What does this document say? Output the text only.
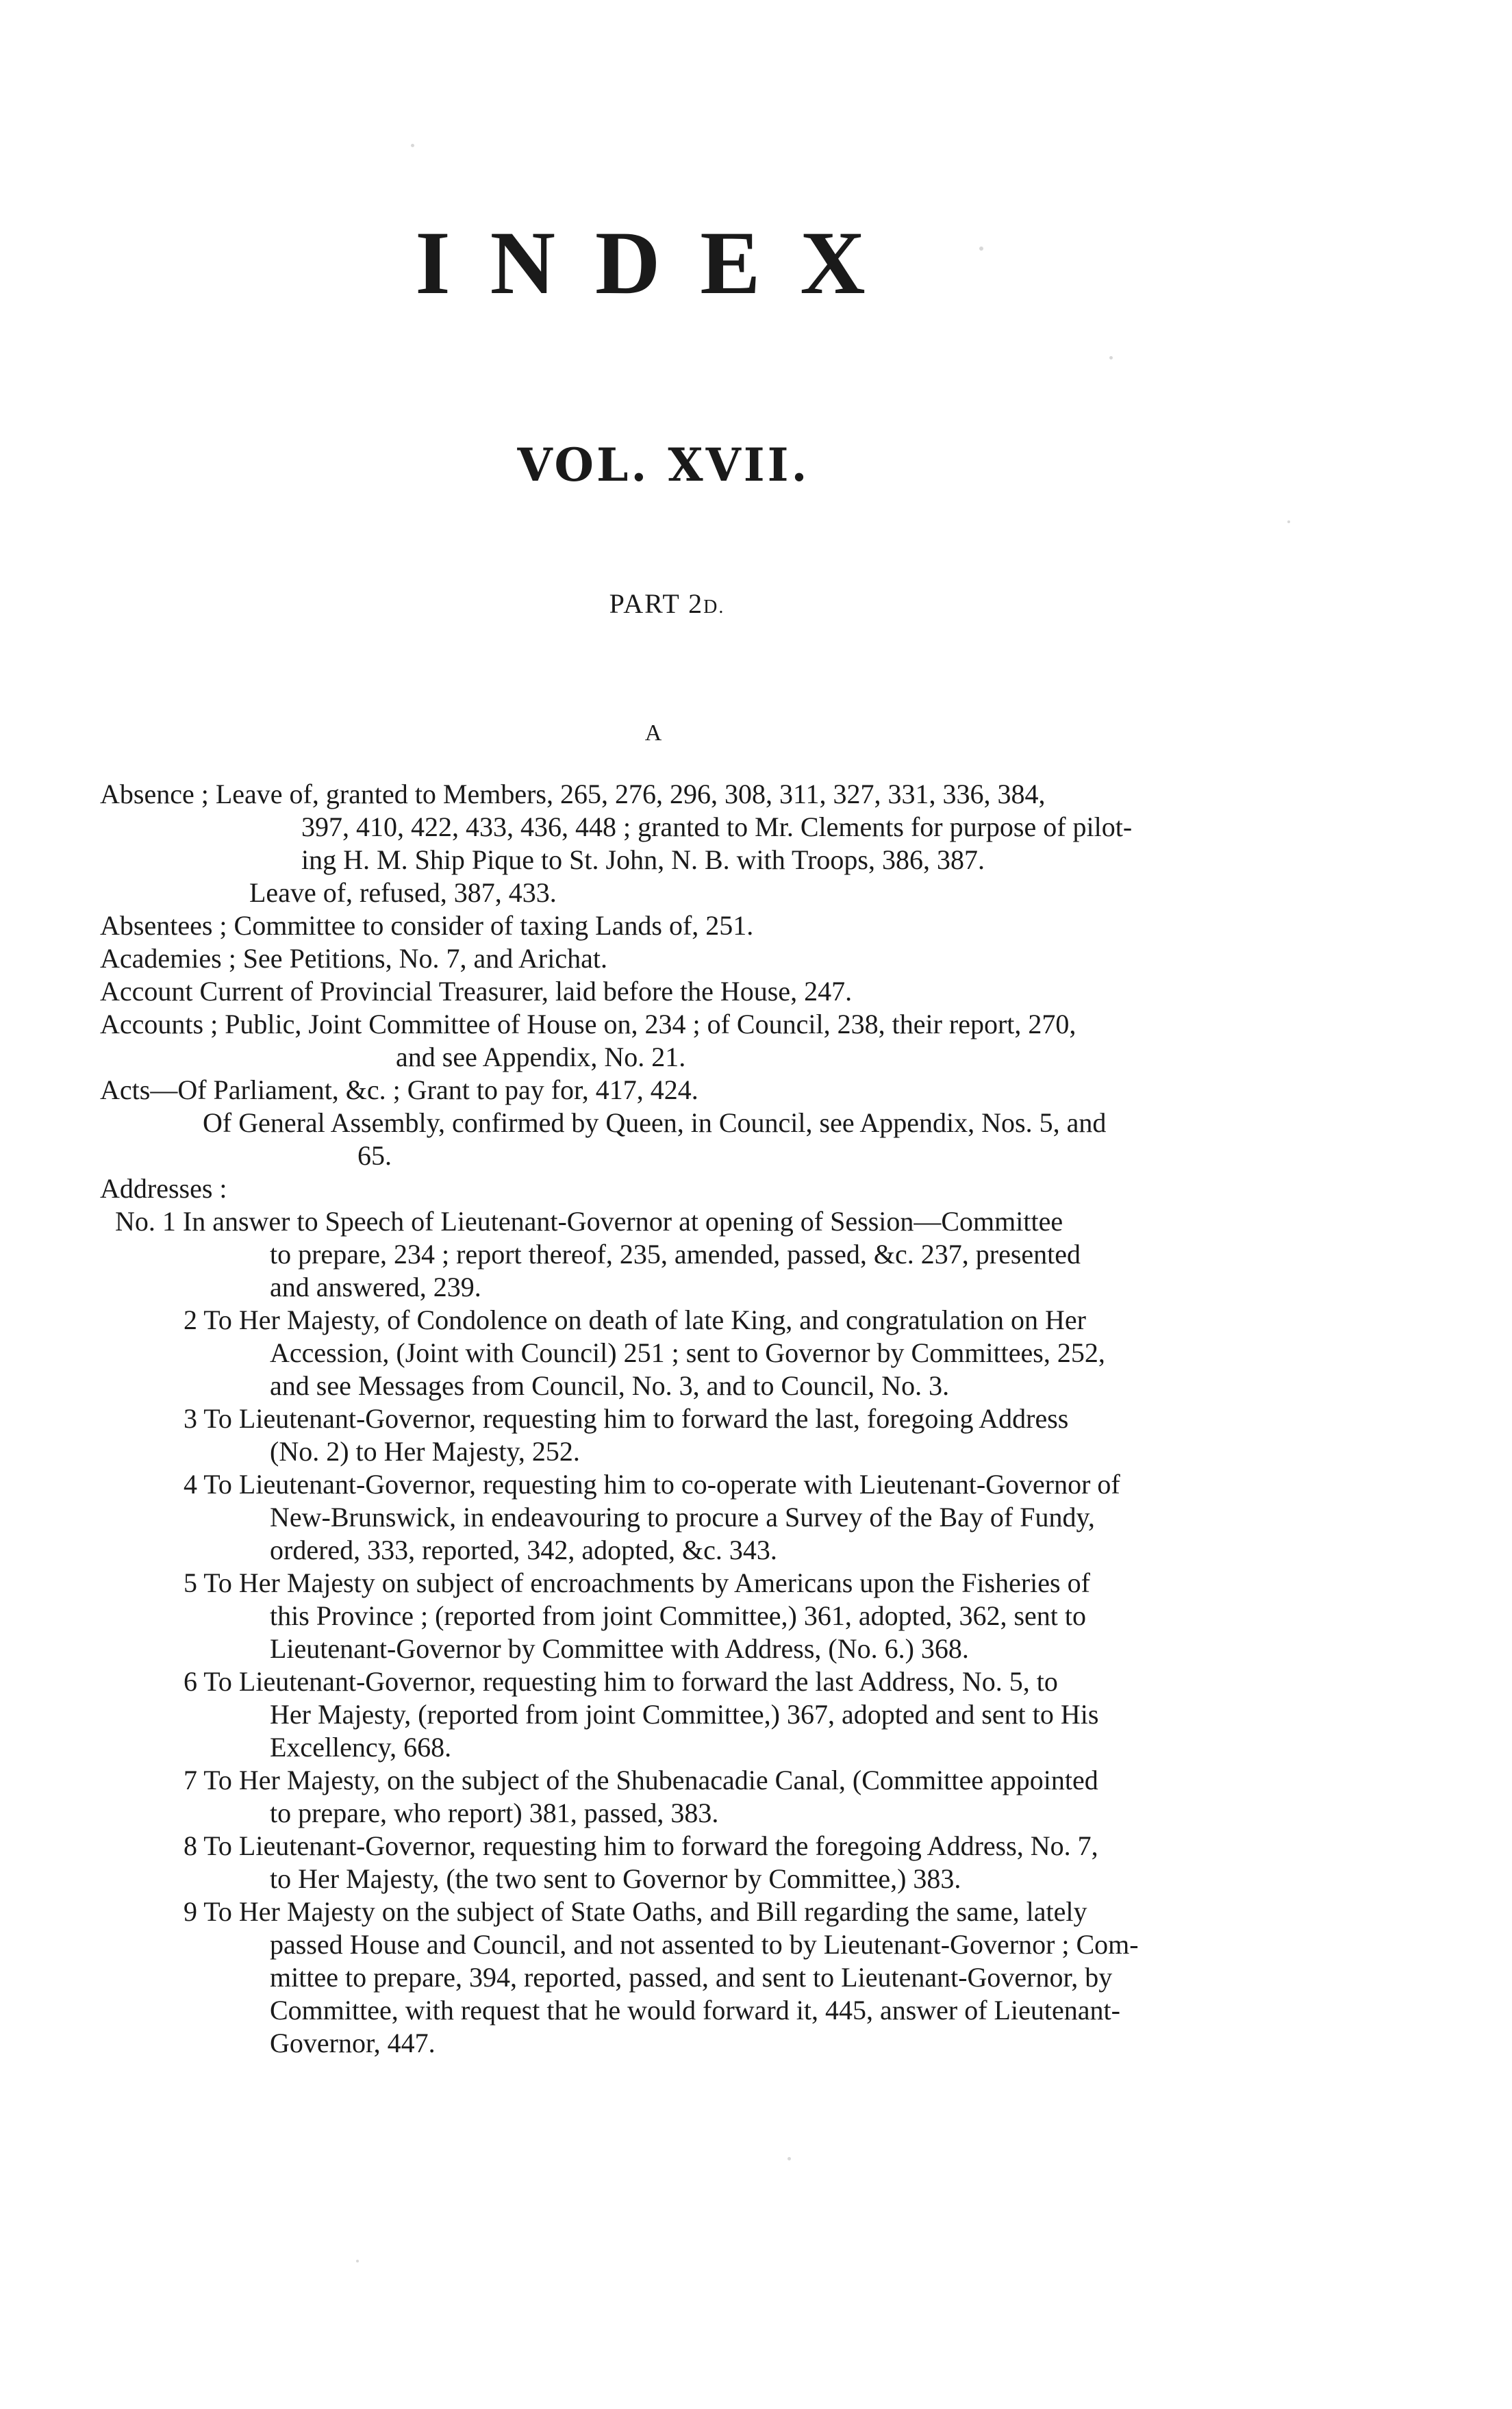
INDEX
VOL. XVII.
PART 2D.
A
Absence ; Leave of, granted to Members, 265, 276, 296, 308, 311, 327, 331, 336, 384,
397, 410, 422, 433, 436, 448 ; granted to Mr. Clements for purpose of pilot-
ing H. M. Ship Pique to St. John, N. B. with Troops, 386, 387.
Leave of, refused, 387, 433.
Absentees ; Committee to consider of taxing Lands of, 251.
Academies ; See Petitions, No. 7, and Arichat.
Account Current of Provincial Treasurer, laid before the House, 247.
Accounts ; Public, Joint Committee of House on, 234 ; of Council, 238, their report, 270,
and see Appendix, No. 21.
Acts—Of Parliament, &c. ; Grant to pay for, 417, 424.
Of General Assembly, confirmed by Queen, in Council, see Appendix, Nos. 5, and
65.
Addresses :
No. 1 In answer to Speech of Lieutenant-Governor at opening of Session—Committee
to prepare, 234 ; report thereof, 235, amended, passed, &c. 237, presented
and answered, 239.
2 To Her Majesty, of Condolence on death of late King, and congratulation on Her
Accession, (Joint with Council) 251 ; sent to Governor by Committees, 252,
and see Messages from Council, No. 3, and to Council, No. 3.
3 To Lieutenant-Governor, requesting him to forward the last, foregoing Address
(No. 2) to Her Majesty, 252.
4 To Lieutenant-Governor, requesting him to co-operate with Lieutenant-Governor of
New-Brunswick, in endeavouring to procure a Survey of the Bay of Fundy,
ordered, 333, reported, 342, adopted, &c. 343.
5 To Her Majesty on subject of encroachments by Americans upon the Fisheries of
this Province ; (reported from joint Committee,) 361, adopted, 362, sent to
Lieutenant-Governor by Committee with Address, (No. 6.) 368.
6 To Lieutenant-Governor, requesting him to forward the last Address, No. 5, to
Her Majesty, (reported from joint Committee,) 367, adopted and sent to His
Excellency, 668.
7 To Her Majesty, on the subject of the Shubenacadie Canal, (Committee appointed
to prepare, who report) 381, passed, 383.
8 To Lieutenant-Governor, requesting him to forward the foregoing Address, No. 7,
to Her Majesty, (the two sent to Governor by Committee,) 383.
9 To Her Majesty on the subject of State Oaths, and Bill regarding the same, lately
passed House and Council, and not assented to by Lieutenant-Governor ; Com-
mittee to prepare, 394, reported, passed, and sent to Lieutenant-Governor, by
Committee, with request that he would forward it, 445, answer of Lieutenant-
Governor, 447.
